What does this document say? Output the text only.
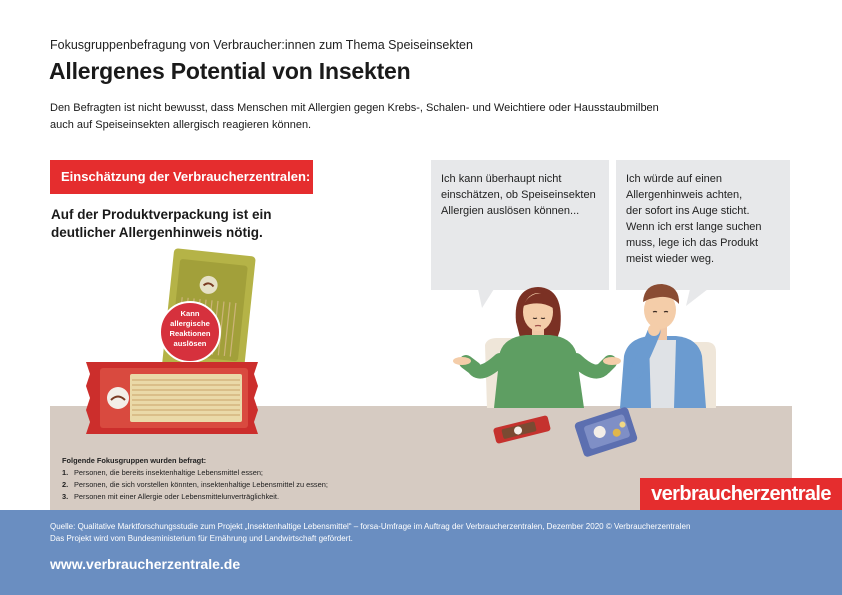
Fokusgruppenbefragung von Verbraucher:innen zum Thema Speiseinsekten
Allergenes Potential von Insekten
Den Befragten ist nicht bewusst, dass Menschen mit Allergien gegen Krebs-, Schalen- und Weichtiere oder Hausstaubmilben
auch auf Speiseinsekten allergisch reagieren können.
Einschätzung der Verbraucherzentralen:
Auf der Produktverpackung ist ein deutlicher Allergenhinweis nötig.
Ich kann überhaupt nicht
einschätzen, ob Speiseinsekten
Allergien auslösen können...
Ich würde auf einen
Allergenhinweis achten,
der sofort ins Auge sticht.
Wenn ich erst lange suchen
muss, lege ich das Produkt
meist wieder weg.
Kann
allergische
Reaktionen
auslösen
Folgende Fokusgruppen wurden befragt:
1. Personen, die bereits insektenhaltige Lebensmittel essen;
2. Personen, die sich vorstellen könnten, insektenhaltige Lebensmittel zu essen;
3. Personen mit einer Allergie oder Lebensmittelunverträglichkeit.	verbraucherzentrale
Quelle: Qualitative Marktforschungsstudie zum Projekt „Insektenhaltige Lebensmittel“ – forsa-Umfrage im Auftrag der Verbraucherzentralen, Dezember 2020 © Verbraucherzentralen
Das Projekt wird vom Bundesministerium für Ernährung und Landwirtschaft gefördert.
www.verbraucherzentrale.de
